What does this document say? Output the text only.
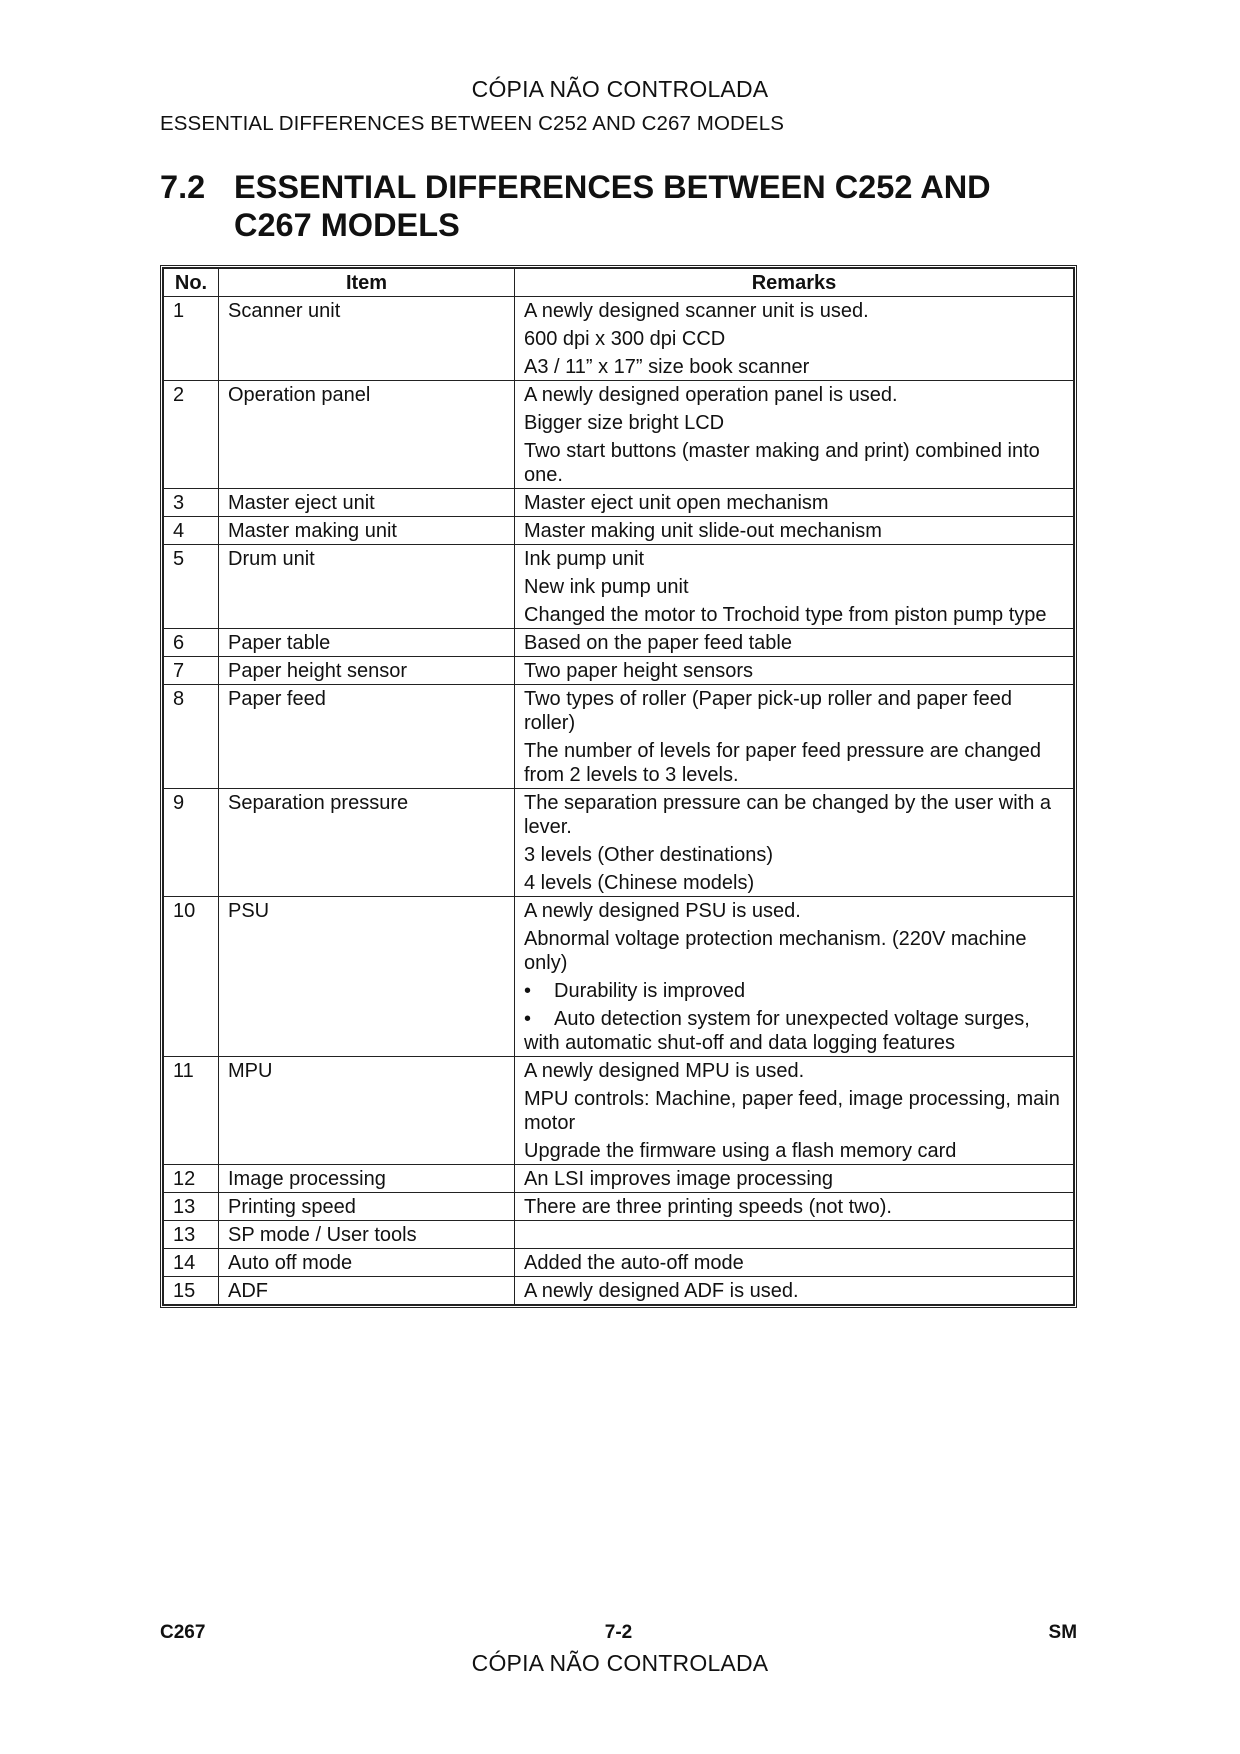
CÓPIA NÃO CONTROLADA
ESSENTIAL DIFFERENCES BETWEEN C252 AND C267 MODELS
7.2 ESSENTIAL DIFFERENCES BETWEEN C252 AND C267 MODELS
No.	Item	Remarks
1	Scanner unit	A newly designed scanner unit is used.
600 dpi x 300 dpi CCD
A3 / 11” x 17” size book scanner

2	Operation panel	A newly designed operation panel is used.
Bigger size bright LCD
Two start buttons (master making and print) combined into one.

3	Master eject unit	Master eject unit open mechanism

4	Master making unit	Master making unit slide-out mechanism

5	Drum unit	Ink pump unit
New ink pump unit
Changed the motor to Trochoid type from piston pump type

6	Paper table	Based on the paper feed table

7	Paper height sensor	Two paper height sensors

8	Paper feed	Two types of roller (Paper pick-up roller and paper feed roller)
The number of levels for paper feed pressure are changed from 2 levels to 3 levels.

9	Separation pressure	The separation pressure can be changed by the user with a lever.
3 levels (Other destinations)
4 levels (Chinese models)

10	PSU	A newly designed PSU is used.
Abnormal voltage protection mechanism. (220V machine only)
• Durability is improved
• Auto detection system for unexpected voltage surges, with automatic shut-off and data logging features

11	MPU	A newly designed MPU is used.
MPU controls: Machine, paper feed, image processing, main motor
Upgrade the firmware using a flash memory card

12	Image processing	An LSI improves image processing

13	Printing speed	There are three printing speeds (not two).

13	SP mode / User tools	
14	Auto off mode	Added the auto-off mode

15	ADF	A newly designed ADF is used.
C267	7-2	SM
CÓPIA NÃO CONTROLADA
